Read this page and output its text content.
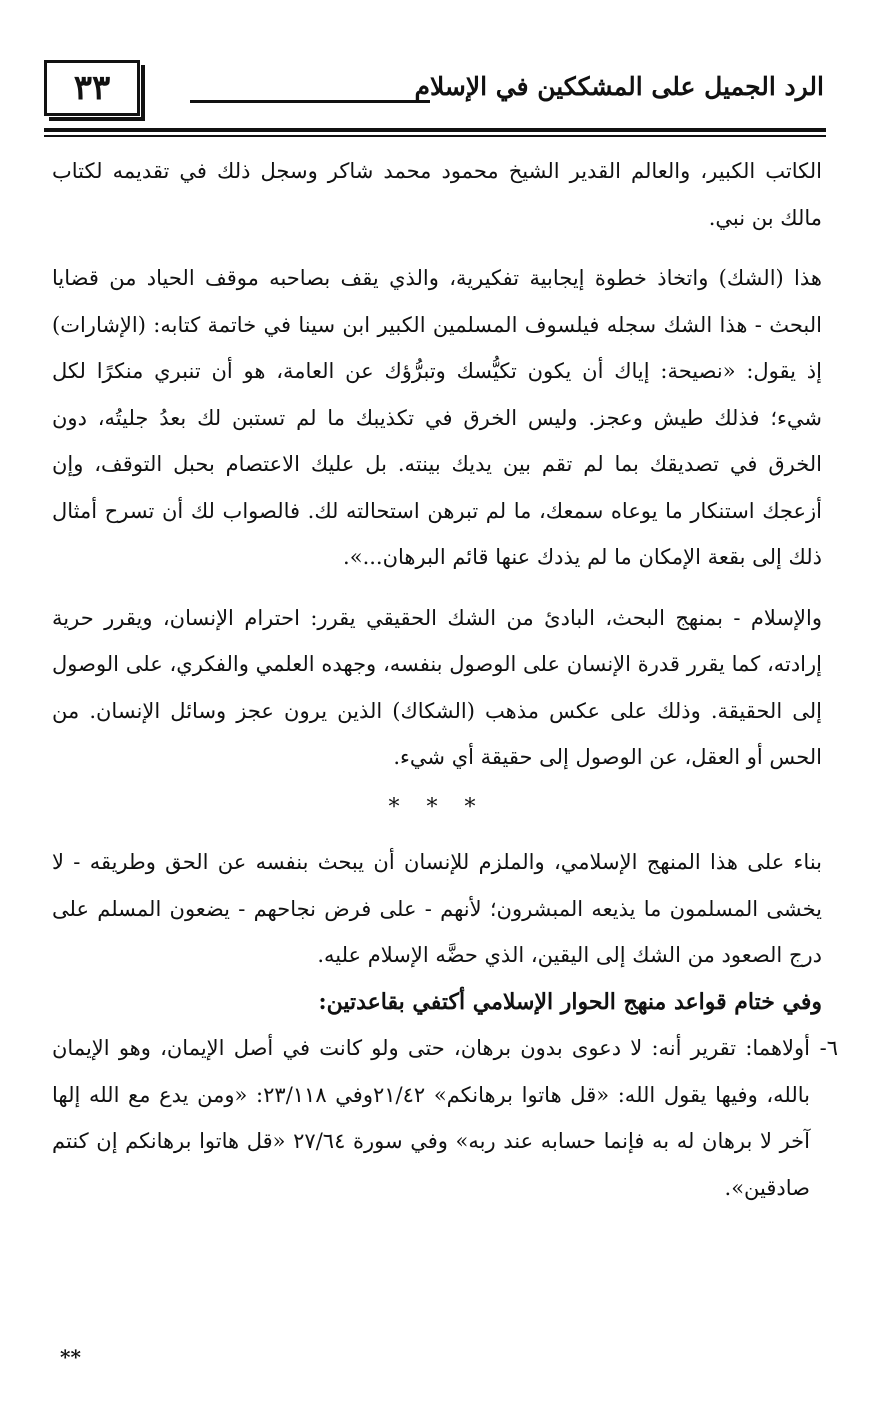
٣٣	الرد الجميل على المشككين في الإسلام

الكاتب الكبير، والعالم القدير الشيخ محمود محمد شاكر وسجل ذلك في تقديمه لكتاب مالك بن نبي.

هذا (الشك) واتخاذ خطوة إيجابية تفكيرية، والذي يقف بصاحبه موقف الحياد من قضايا البحث - هذا الشك سجله فيلسوف المسلمين الكبير ابن سينا في خاتمة كتابه: (الإشارات) إذ يقول: «نصيحة: إياك أن يكون تكيُّسك وتبرُّؤك عن العامة، هو أن تنبري منكرًا لكل شيء؛ فذلك طيش وعجز. وليس الخرق في تكذيبك ما لم تستبن لك بعدُ جليتُه، دون الخرق في تصديقك بما لم تقم بين يديك بينته. بل عليك الاعتصام بحبل التوقف، وإن أزعجك استنكار ما يوعاه سمعك، ما لم تبرهن استحالته لك. فالصواب لك أن تسرح أمثال ذلك إلى بقعة الإمكان ما لم يذدك عنها قائم البرهان...».

والإسلام - بمنهج البحث، البادئ من الشك الحقيقي يقرر: احترام الإنسان، ويقرر حرية إرادته، كما يقرر قدرة الإنسان على الوصول بنفسه، وجهده العلمي والفكري، على الوصول إلى الحقيقة. وذلك على عكس مذهب (الشكاك) الذين يرون عجز وسائل الإنسان. من الحس أو العقل، عن الوصول إلى حقيقة أي شيء.

* * *

بناء على هذا المنهج الإسلامي، والملزم للإنسان أن يبحث بنفسه عن الحق وطريقه - لا يخشى المسلمون ما يذيعه المبشرون؛ لأنهم - على فرض نجاحهم - يضعون المسلم على درج الصعود من الشك إلى اليقين، الذي حضَّه الإسلام عليه.

وفي ختام قواعد منهج الحوار الإسلامي أكتفي بقاعدتين:

٦-
أولاهما: تقرير أنه: لا دعوى بدون برهان، حتى ولو كانت في أصل الإيمان، وهو الإيمان بالله، وفيها يقول الله: «قل هاتوا برهانكم» ٢١/٤٢وفي ٢٣/١١٨: «ومن يدع مع الله إلها آخر لا برهان له به فإنما حسابه عند ربه» وفي سورة ٢٧/٦٤ «قل هاتوا برهانكم إن كنتم صادقين».

**
